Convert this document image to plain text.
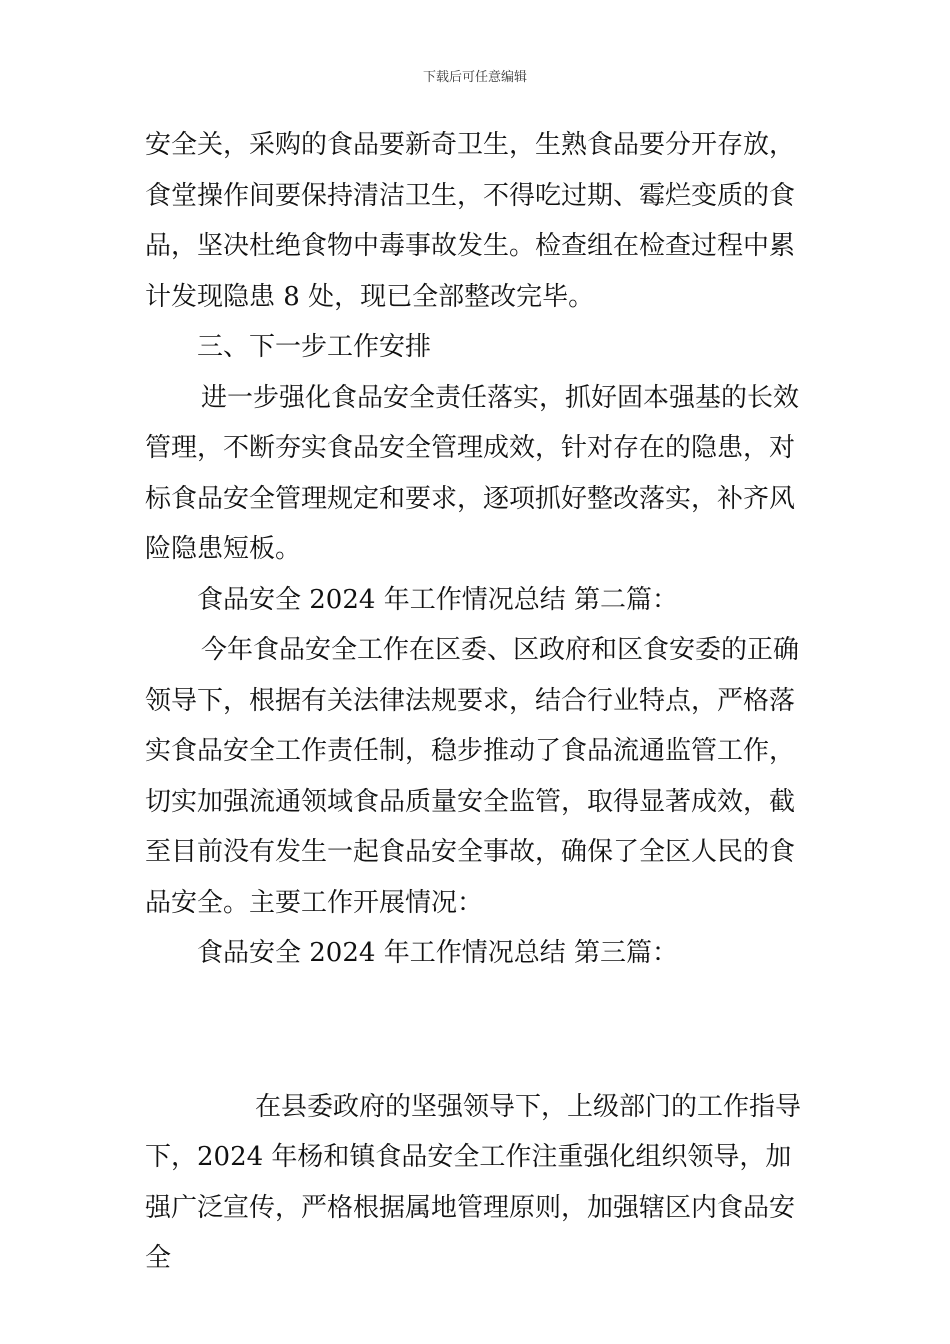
下载后可任意编辑

安全关，采购的食品要新奇卫生，生熟食品要分开存放，食堂操作间要保持清洁卫生，不得吃过期、霉烂变质的食品，坚决杜绝食物中毒事故发生。检查组在检查过程中累计发现隐患 8 处，现已全部整改完毕。

三、下一步工作安排

进一步强化食品安全责任落实，抓好固本强基的长效管理，不断夯实食品安全管理成效，针对存在的隐患，对标食品安全管理规定和要求，逐项抓好整改落实，补齐风险隐患短板。

食品安全 2024 年工作情况总结 第二篇：

今年食品安全工作在区委、区政府和区食安委的正确领导下，根据有关法律法规要求，结合行业特点，严格落实食品安全工作责任制，稳步推动了食品流通监管工作，切实加强流通领域食品质量安全监管，取得显著成效，截至目前没有发生一起食品安全事故，确保了全区人民的食品安全。主要工作开展情况：

食品安全 2024 年工作情况总结 第三篇：

在县委政府的坚强领导下，上级部门的工作指导下，2024 年杨和镇食品安全工作注重强化组织领导，加强广泛宣传，严格根据属地管理原则，加强辖区内食品安全
